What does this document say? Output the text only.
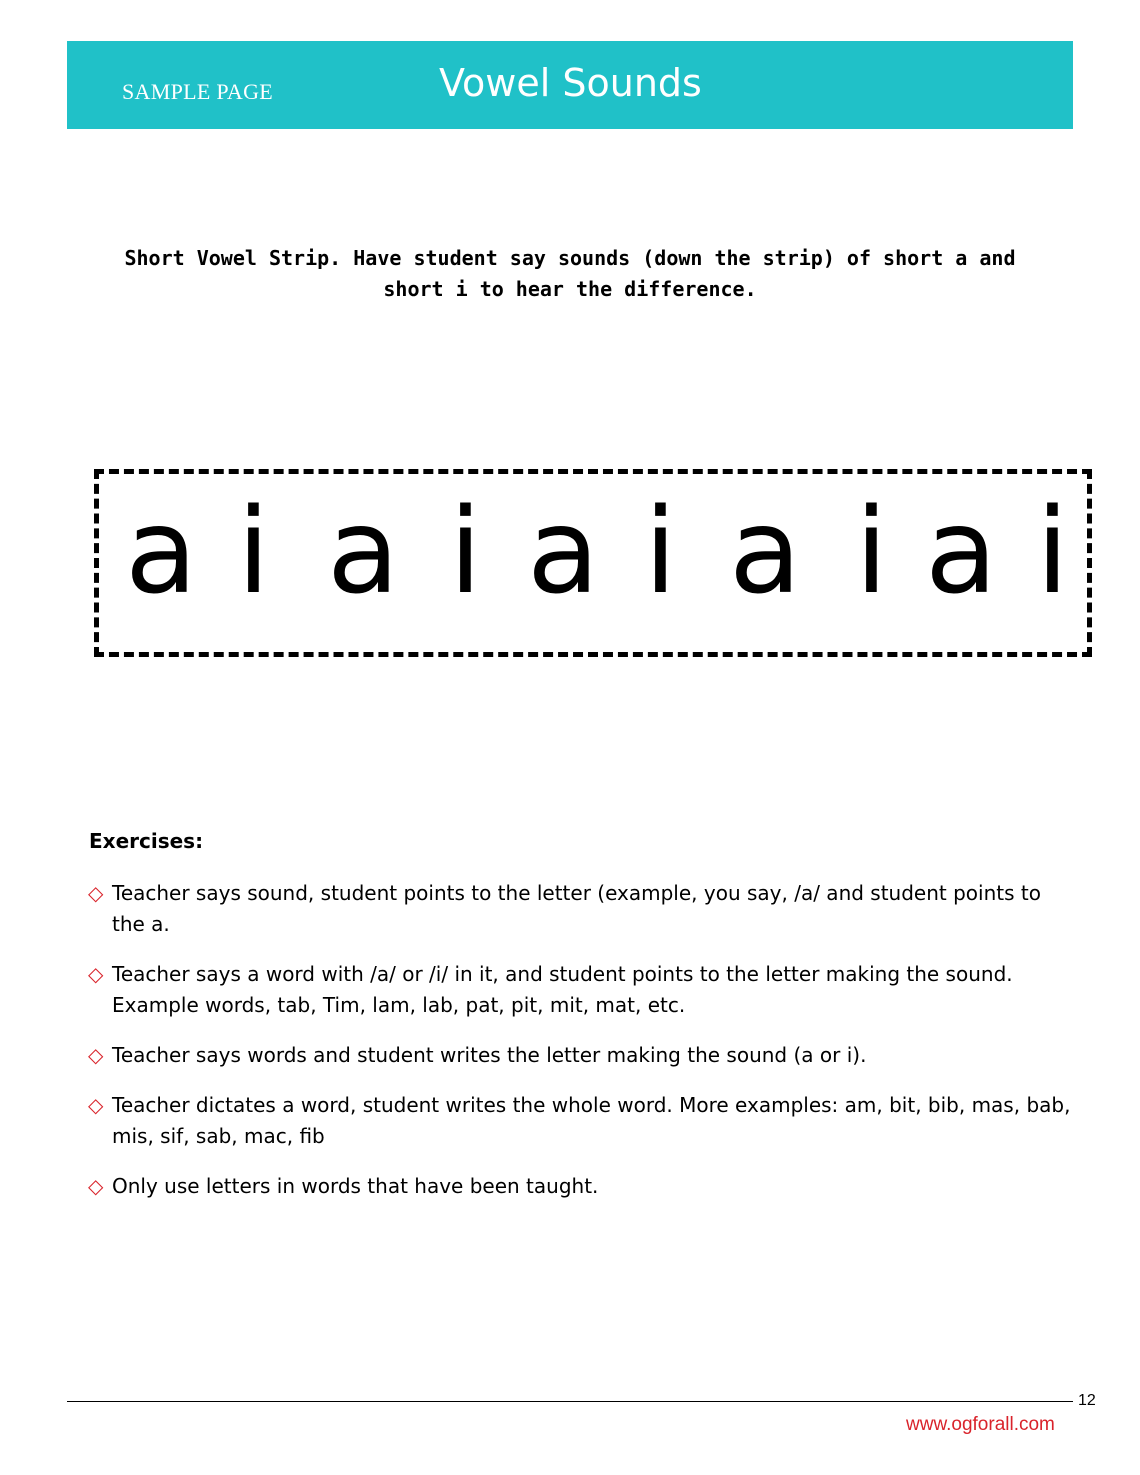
SAMPLE PAGE	Vowel Sounds
Short Vowel Strip. Have student say sounds (down the strip) of short a and short i to hear the difference.
a i a i a i a i a i
Exercises:
◇ Teacher says sound, student points to the letter (example, you say, /a/ and student points to the a.
◇ Teacher says a word with /a/ or /i/ in it, and student points to the letter making the sound. Example words, tab, Tim, lam, lab, pat, pit, mit, mat, etc.
◇ Teacher says words and student writes the letter making the sound (a or i).
◇ Teacher dictates a word, student writes the whole word. More examples: am, bit, bib, mas, bab, mis, sif, sab, mac, fib
◇ Only use letters in words that have been taught.
12
www.ogforall.com
